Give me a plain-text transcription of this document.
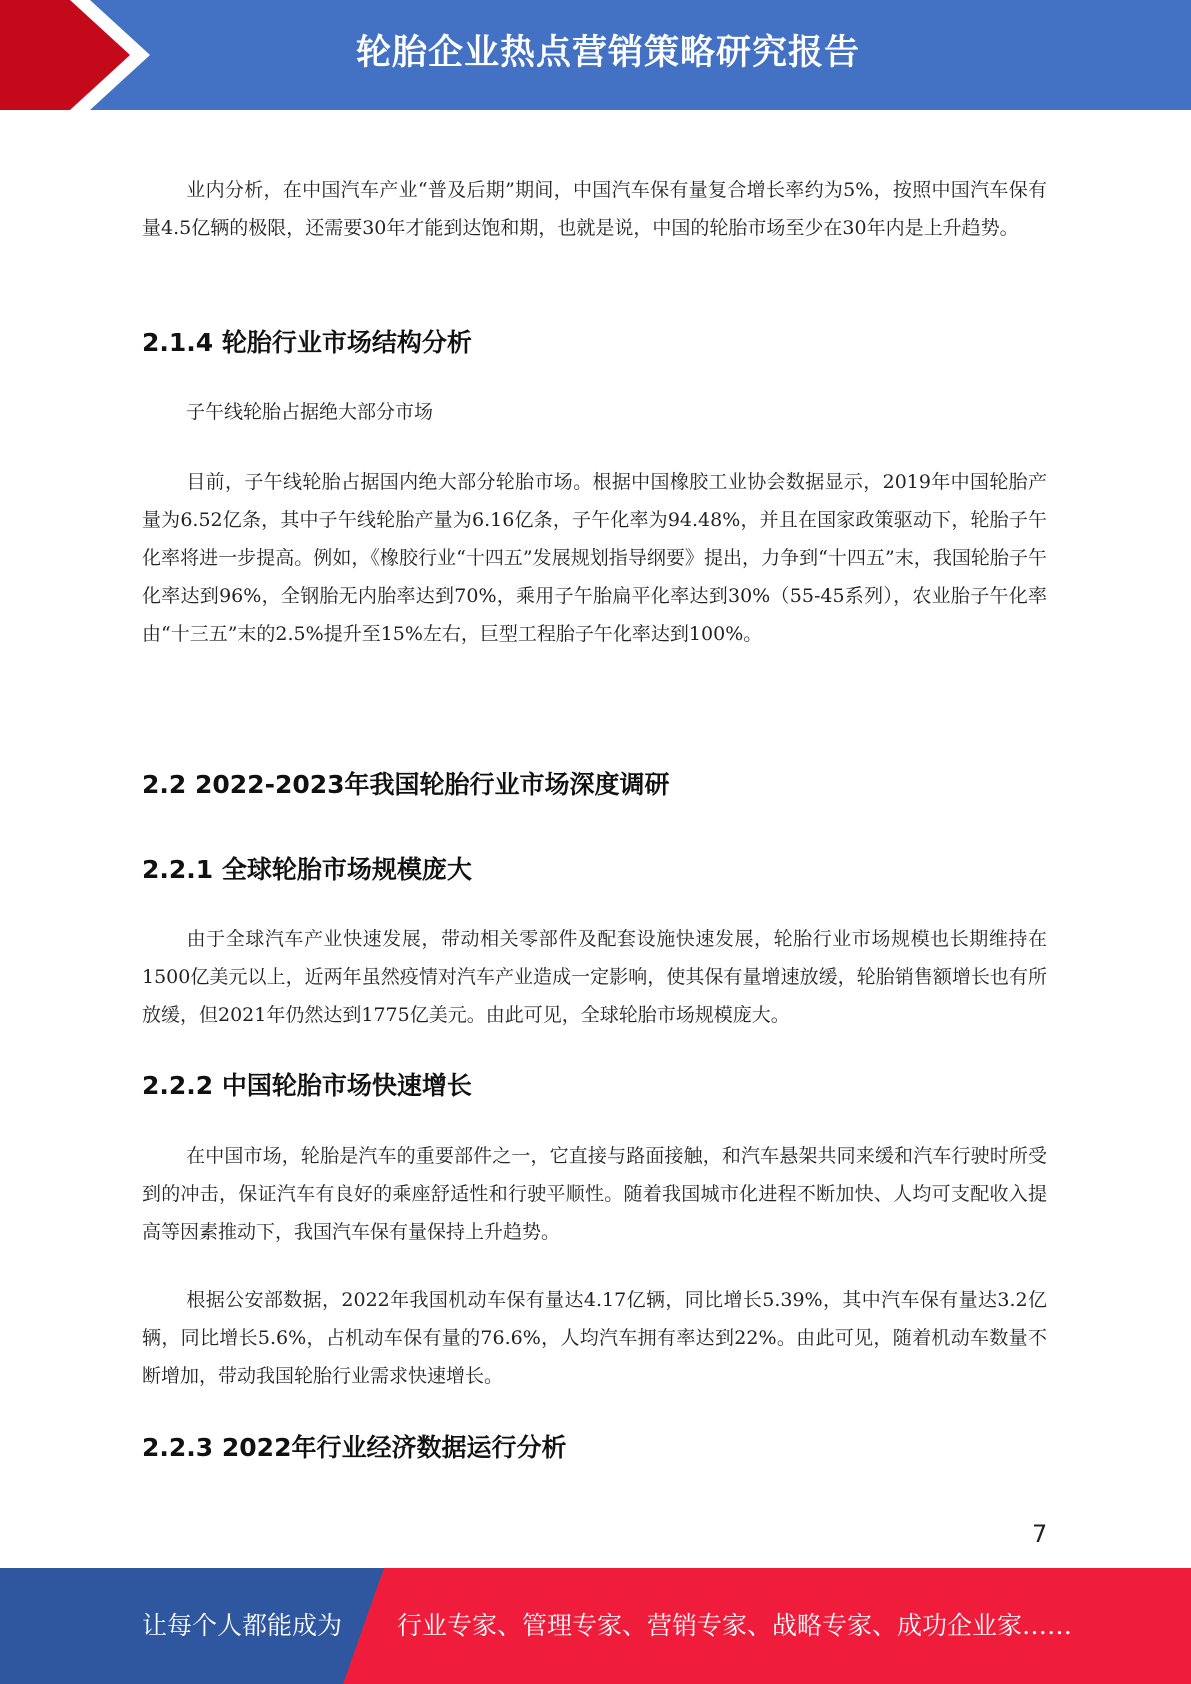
轮胎企业热点营销策略研究报告

业内分析，在中国汽车产业“普及后期”期间，中国汽车保有量复合增长率约为5%，按照中国汽车保有量4.5亿辆的极限，还需要30年才能到达饱和期，也就是说，中国的轮胎市场至少在30年内是上升趋势。

2.1.4 轮胎行业市场结构分析

子午线轮胎占据绝大部分市场

目前，子午线轮胎占据国内绝大部分轮胎市场。根据中国橡胶工业协会数据显示，2019年中国轮胎产量为6.52亿条，其中子午线轮胎产量为6.16亿条，子午化率为94.48%，并且在国家政策驱动下，轮胎子午化率将进一步提高。例如，《橡胶行业“十四五”发展规划指导纲要》提出，力争到“十四五”末，我国轮胎子午化率达到96%，全钢胎无内胎率达到70%，乘用子午胎扁平化率达到30%（55-45系列），农业胎子午化率由“十三五”末的2.5%提升至15%左右，巨型工程胎子午化率达到100%。

2.2 2022-2023年我国轮胎行业市场深度调研
2.2.1 全球轮胎市场规模庞大

由于全球汽车产业快速发展，带动相关零部件及配套设施快速发展，轮胎行业市场规模也长期维持在1500亿美元以上，近两年虽然疫情对汽车产业造成一定影响，使其保有量增速放缓，轮胎销售额增长也有所放缓，但2021年仍然达到1775亿美元。由此可见，全球轮胎市场规模庞大。

2.2.2 中国轮胎市场快速增长

在中国市场，轮胎是汽车的重要部件之一，它直接与路面接触，和汽车悬架共同来缓和汽车行驶时所受到的冲击，保证汽车有良好的乘座舒适性和行驶平顺性。随着我国城市化进程不断加快、人均可支配收入提高等因素推动下，我国汽车保有量保持上升趋势。

根据公安部数据，2022年我国机动车保有量达4.17亿辆，同比增长5.39%，其中汽车保有量达3.2亿辆，同比增长5.6%，占机动车保有量的76.6%，人均汽车拥有率达到22%。由此可见，随着机动车数量不断增加，带动我国轮胎行业需求快速增长。

2.2.3 2022年行业经济数据运行分析
7
让每个人都能成为 行业专家、管理专家、营销专家、战略专家、成功企业家……
